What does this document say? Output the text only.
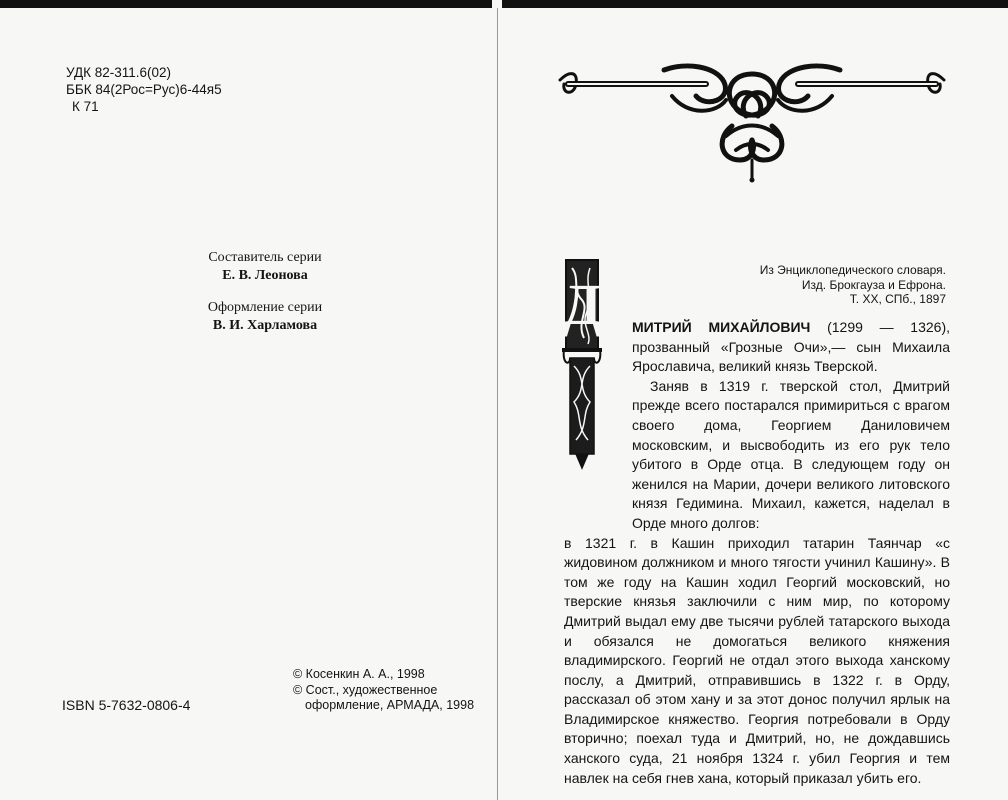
УДК 82-311.6(02)
ББК 84(2Рос=Рус)6-44я5
К 71
Составитель серии
Е. В. Леонова
Оформление серии
В. И. Харламова
ISBN 5-7632-0806-4
© Косенкин А. А., 1998
© Сост., художественное
оформление, АРМАДА, 1998
Из Энциклопедического словаря.
Изд. Брокгауза и Ефрона.
Т. XX, СПб., 1897
Д МИТРИЙ МИХАЙЛОВИЧ (1299 — 1326), прозванный «Грозные Очи»,— сын Михаила Ярославича, великий князь Тверской.

Заняв в 1319 г. тверской стол, Дмитрий прежде всего постарался примириться с врагом своего дома, Георгием Даниловичем московским, и высвободить из его рук тело убитого в Орде отца. В следующем году он женился на Марии, дочери великого литовского князя Гедимина. Михаил, кажется, наделал в Орде много долгов:

в 1321 г. в Кашин приходил татарин Таянчар «с жидовином должником и много тягости учинил Кашину». В том же году на Кашин ходил Георгий московский, но тверские князья заключили с ним мир, по которому Дмитрий выдал ему две тысячи рублей татарского выхода и обязался не домогаться великого княжения владимирского. Георгий не отдал этого выхода ханскому послу, а Дмитрий, отправившись в 1322 г. в Орду, рассказал об этом хану и за этот донос получил ярлык на Владимирское княжество. Георгия потребовали в Орду вторично; поехал туда и Дмитрий, но, не дождавшись ханского суда, 21 ноября 1324 г. убил Георгия и тем навлек на себя гнев хана, который приказал убить его.
